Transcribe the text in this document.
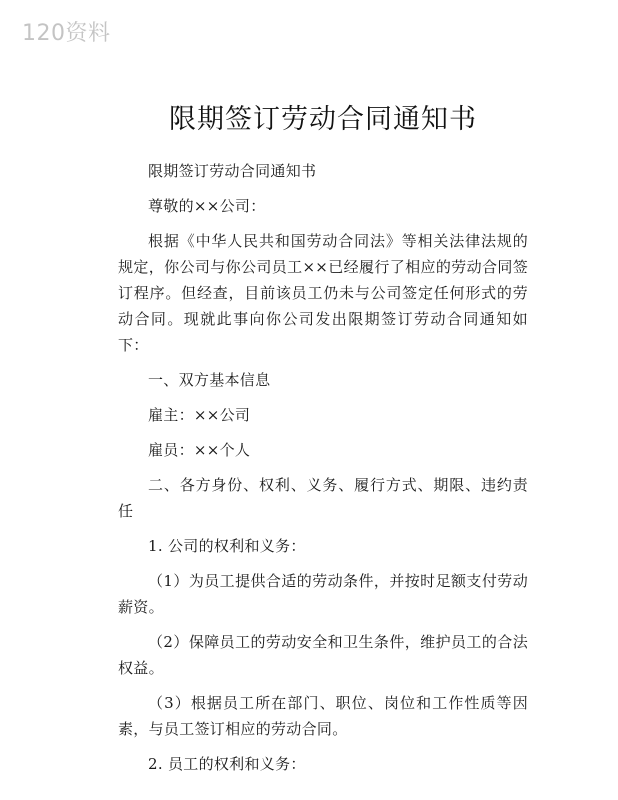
120资料
限期签订劳动合同通知书

限期签订劳动合同通知书

尊敬的××公司：

根据《中华人民共和国劳动合同法》等相关法律法规的规定，你公司与你公司员工××已经履行了相应的劳动合同签订程序。但经查，目前该员工仍未与公司签定任何形式的劳动合同。现就此事向你公司发出限期签订劳动合同通知如下：

一、双方基本信息

雇主：××公司

雇员：××个人

二、各方身份、权利、义务、履行方式、期限、违约责任

1. 公司的权利和义务：

（1）为员工提供合适的劳动条件，并按时足额支付劳动薪资。

（2）保障员工的劳动安全和卫生条件，维护员工的合法权益。

（3）根据员工所在部门、职位、岗位和工作性质等因素，与员工签订相应的劳动合同。

2. 员工的权利和义务：
